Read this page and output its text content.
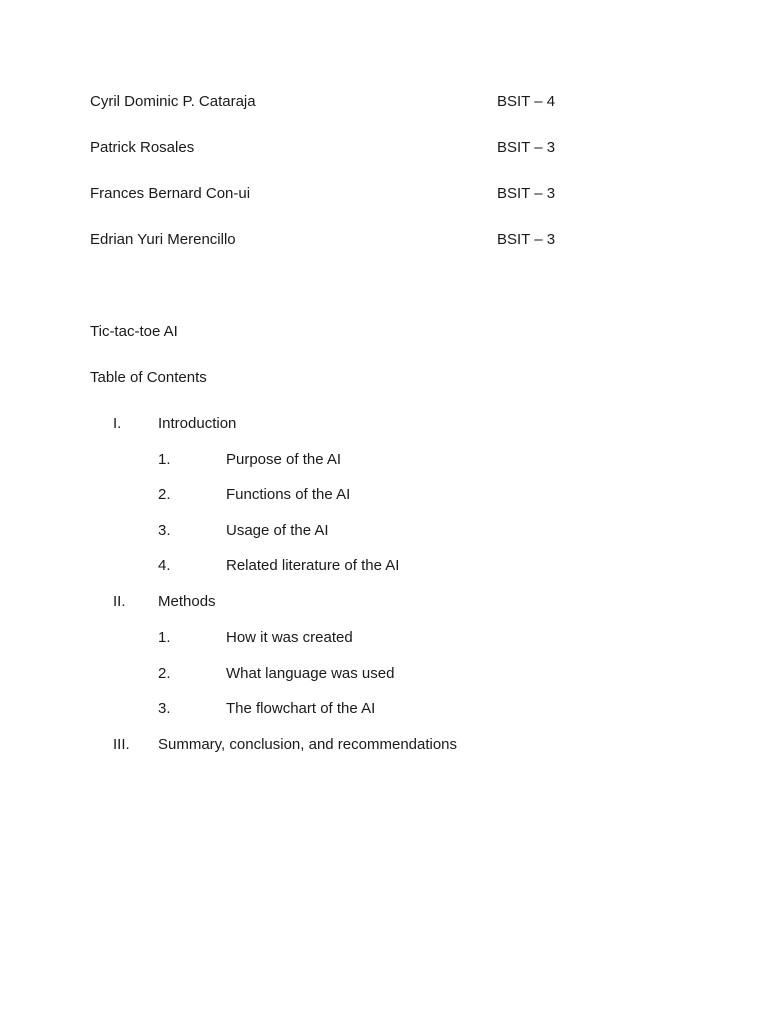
Cyril Dominic P. Cataraja	BSIT – 4
Patrick Rosales	BSIT – 3
Frances Bernard Con-ui	BSIT – 3
Edrian Yuri Merencillo	BSIT – 3
Tic-tac-toe AI
Table of Contents
I. Introduction
1.	Purpose of the AI
2.	Functions of the AI
3.	Usage of the AI
4.	Related literature of the AI
II. Methods
1.	How it was created
2.	What language was used
3.	The flowchart of the AI
III. Summary, conclusion, and recommendations
